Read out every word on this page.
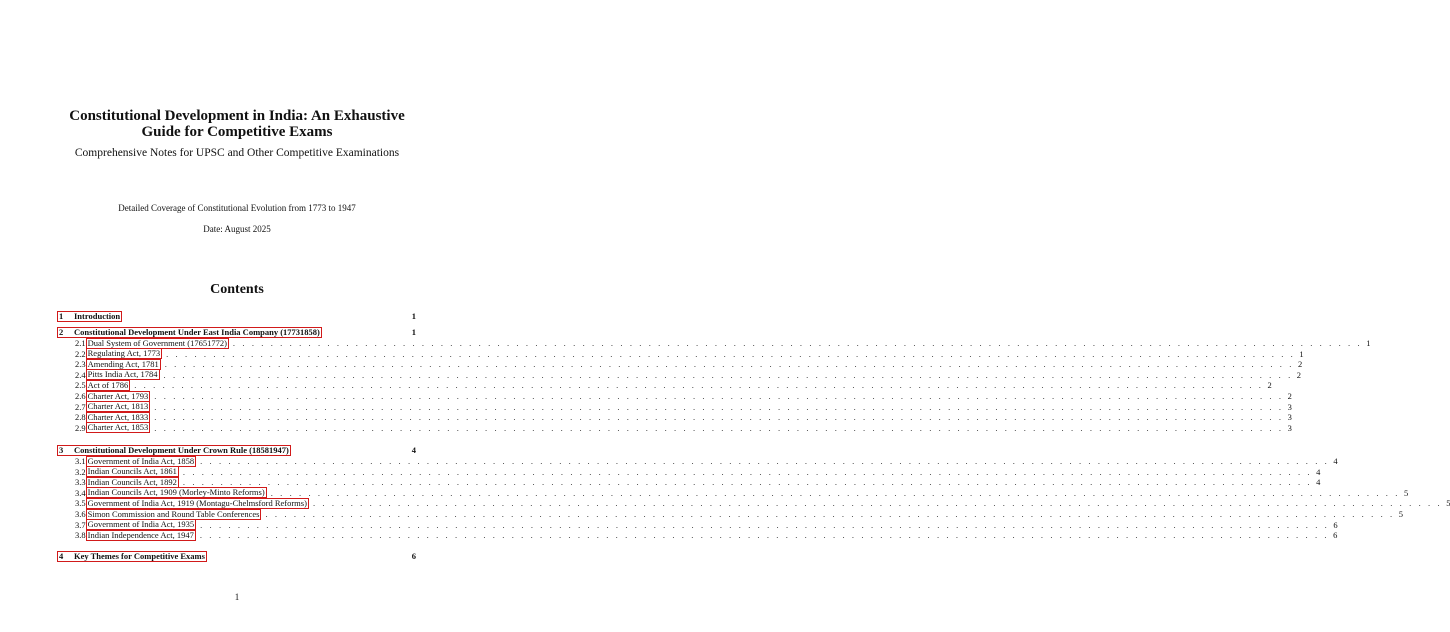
Constitutional Development in India: An Exhaustive
Guide for Competitive Exams
Comprehensive Notes for UPSC and Other Competitive Examinations
Detailed Coverage of Constitutional Evolution from 1773 to 1947
Date: August 2025
Contents
1 Introduction	1
2 Constitutional Development Under East India Company (17731858)	1
2.1 Dual System of Government (17651772) . . . . . . . . . . . . . . . . . . . . . . . . . . . . . . . . . . . . . . . . . . . . . . . . . . . . . . . . . . . . . . . . . . . . . . . . . . . . . . . . . . . . . . . . . . . . . . . . . . . . . . . . . . . . . . . . . . . . . . . . 1
2.2 Regulating Act, 1773 . . . . . . . . . . . . . . . . . . . . . . . . . . . . . . . . . . . . . . . . . . . . . . . . . . . . . . . . . . . . . . . . . . . . . . . . . . . . . . . . . . . . . . . . . . . . . . . . . . . . . . . . . . . . . . . . . . . . . . . . 1
2.3 Amending Act, 1781 . . . . . . . . . . . . . . . . . . . . . . . . . . . . . . . . . . . . . . . . . . . . . . . . . . . . . . . . . . . . . . . . . . . . . . . . . . . . . . . . . . . . . . . . . . . . . . . . . . . . . . . . . . . . . . . . . . . . . . . . 2
2.4 Pitts India Act, 1784 . . . . . . . . . . . . . . . . . . . . . . . . . . . . . . . . . . . . . . . . . . . . . . . . . . . . . . . . . . . . . . . . . . . . . . . . . . . . . . . . . . . . . . . . . . . . . . . . . . . . . . . . . . . . . . . . . . . . . . . . 2
2.5 Act of 1786 . . . . . . . . . . . . . . . . . . . . . . . . . . . . . . . . . . . . . . . . . . . . . . . . . . . . . . . . . . . . . . . . . . . . . . . . . . . . . . . . . . . . . . . . . . . . . . . . . . . . . . . . . . . . . . . . . . . . . . . . 2
2.6 Charter Act, 1793 . . . . . . . . . . . . . . . . . . . . . . . . . . . . . . . . . . . . . . . . . . . . . . . . . . . . . . . . . . . . . . . . . . . . . . . . . . . . . . . . . . . . . . . . . . . . . . . . . . . . . . . . . . . . . . . . . . . . . . . . 2
2.7 Charter Act, 1813 . . . . . . . . . . . . . . . . . . . . . . . . . . . . . . . . . . . . . . . . . . . . . . . . . . . . . . . . . . . . . . . . . . . . . . . . . . . . . . . . . . . . . . . . . . . . . . . . . . . . . . . . . . . . . . . . . . . . . . . . 3
2.8 Charter Act, 1833 . . . . . . . . . . . . . . . . . . . . . . . . . . . . . . . . . . . . . . . . . . . . . . . . . . . . . . . . . . . . . . . . . . . . . . . . . . . . . . . . . . . . . . . . . . . . . . . . . . . . . . . . . . . . . . . . . . . . . . . . 3
2.9 Charter Act, 1853 . . . . . . . . . . . . . . . . . . . . . . . . . . . . . . . . . . . . . . . . . . . . . . . . . . . . . . . . . . . . . . . . . . . . . . . . . . . . . . . . . . . . . . . . . . . . . . . . . . . . . . . . . . . . . . . . . . . . . . . . 3
3 Constitutional Development Under Crown Rule (18581947)	4
3.1 Government of India Act, 1858 . . . . . . . . . . . . . . . . . . . . . . . . . . . . . . . . . . . . . . . . . . . . . . . . . . . . . . . . . . . . . . . . . . . . . . . . . . . . . . . . . . . . . . . . . . . . . . . . . . . . . . . . . . . . . . . . . . . . . . . . 4
3.2 Indian Councils Act, 1861 . . . . . . . . . . . . . . . . . . . . . . . . . . . . . . . . . . . . . . . . . . . . . . . . . . . . . . . . . . . . . . . . . . . . . . . . . . . . . . . . . . . . . . . . . . . . . . . . . . . . . . . . . . . . . . . . . . . . . . . . 4
3.3 Indian Councils Act, 1892 . . . . . . . . . . . . . . . . . . . . . . . . . . . . . . . . . . . . . . . . . . . . . . . . . . . . . . . . . . . . . . . . . . . . . . . . . . . . . . . . . . . . . . . . . . . . . . . . . . . . . . . . . . . . . . . . . . . . . . . . 4
3.4 Indian Councils Act, 1909 (Morley-Minto Reforms) . . . . . . . . . . . . . . . . . . . . . . . . . . . . . . . . . . . . . . . . . . . . . . . . . . . . . . . . . . . . . . . . . . . . . . . . . . . . . . . . . . . . . . . . . . . . . . . . . . . . . . . . . . . . . . . . . . . . . . . . 5
3.5 Government of India Act, 1919 (Montagu-Chelmsford Reforms) . . . . . . . . . . . . . . . . . . . . . . . . . . . . . . . . . . . . . . . . . . . . . . . . . . . . . . . . . . . . . . . . . . . . . . . . . . . . . . . . . . . . . . . . . . . . . . . . . . . . . . . . . . . . . . . . . . . . . . . . 5
3.6 Simon Commission and Round Table Conferences . . . . . . . . . . . . . . . . . . . . . . . . . . . . . . . . . . . . . . . . . . . . . . . . . . . . . . . . . . . . . . . . . . . . . . . . . . . . . . . . . . . . . . . . . . . . . . . . . . . . . . . . . . . . . . . . . . . . . . . . 5
3.7 Government of India Act, 1935 . . . . . . . . . . . . . . . . . . . . . . . . . . . . . . . . . . . . . . . . . . . . . . . . . . . . . . . . . . . . . . . . . . . . . . . . . . . . . . . . . . . . . . . . . . . . . . . . . . . . . . . . . . . . . . . . . . . . . . . . 6
3.8 Indian Independence Act, 1947 . . . . . . . . . . . . . . . . . . . . . . . . . . . . . . . . . . . . . . . . . . . . . . . . . . . . . . . . . . . . . . . . . . . . . . . . . . . . . . . . . . . . . . . . . . . . . . . . . . . . . . . . . . . . . . . . . . . . . . . . 6
4 Key Themes for Competitive Exams	6
1
